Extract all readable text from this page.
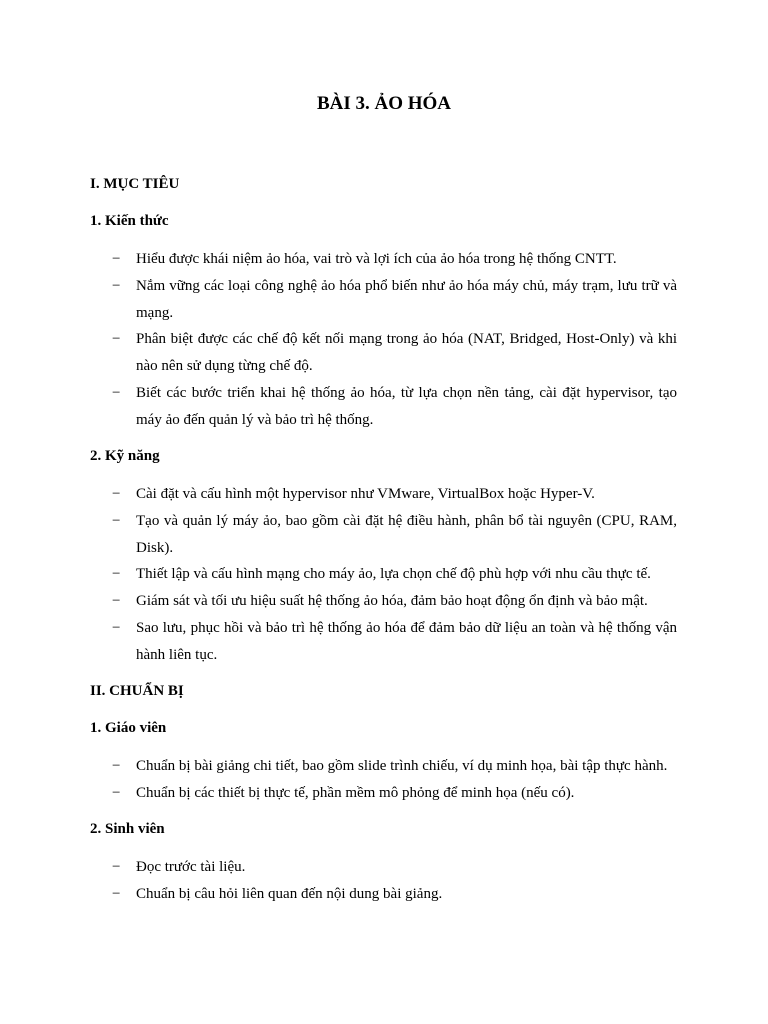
BÀI 3. ẢO HÓA
I. MỤC TIÊU
1. Kiến thức
− Hiểu được khái niệm ảo hóa, vai trò và lợi ích của ảo hóa trong hệ thống CNTT.

− Nắm vững các loại công nghệ ảo hóa phổ biến như ảo hóa máy chủ, máy trạm, lưu trữ và mạng.

− Phân biệt được các chế độ kết nối mạng trong ảo hóa (NAT, Bridged, Host-Only) và khi nào nên sử dụng từng chế độ.

− Biết các bước triển khai hệ thống ảo hóa, từ lựa chọn nền tảng, cài đặt hypervisor, tạo máy ảo đến quản lý và bảo trì hệ thống.

2. Kỹ năng
− Cài đặt và cấu hình một hypervisor như VMware, VirtualBox hoặc Hyper-V.

− Tạo và quản lý máy ảo, bao gồm cài đặt hệ điều hành, phân bổ tài nguyên (CPU, RAM, Disk).

− Thiết lập và cấu hình mạng cho máy ảo, lựa chọn chế độ phù hợp với nhu cầu thực tế.

− Giám sát và tối ưu hiệu suất hệ thống ảo hóa, đảm bảo hoạt động ổn định và bảo mật.

− Sao lưu, phục hồi và bảo trì hệ thống ảo hóa để đảm bảo dữ liệu an toàn và hệ thống vận hành liên tục.

II. CHUẨN BỊ
1. Giáo viên
− Chuẩn bị bài giảng chi tiết, bao gồm slide trình chiếu, ví dụ minh họa, bài tập thực hành.

− Chuẩn bị các thiết bị thực tế, phần mềm mô phỏng để minh họa (nếu có).

2. Sinh viên
− Đọc trước tài liệu.

− Chuẩn bị câu hỏi liên quan đến nội dung bài giảng.
